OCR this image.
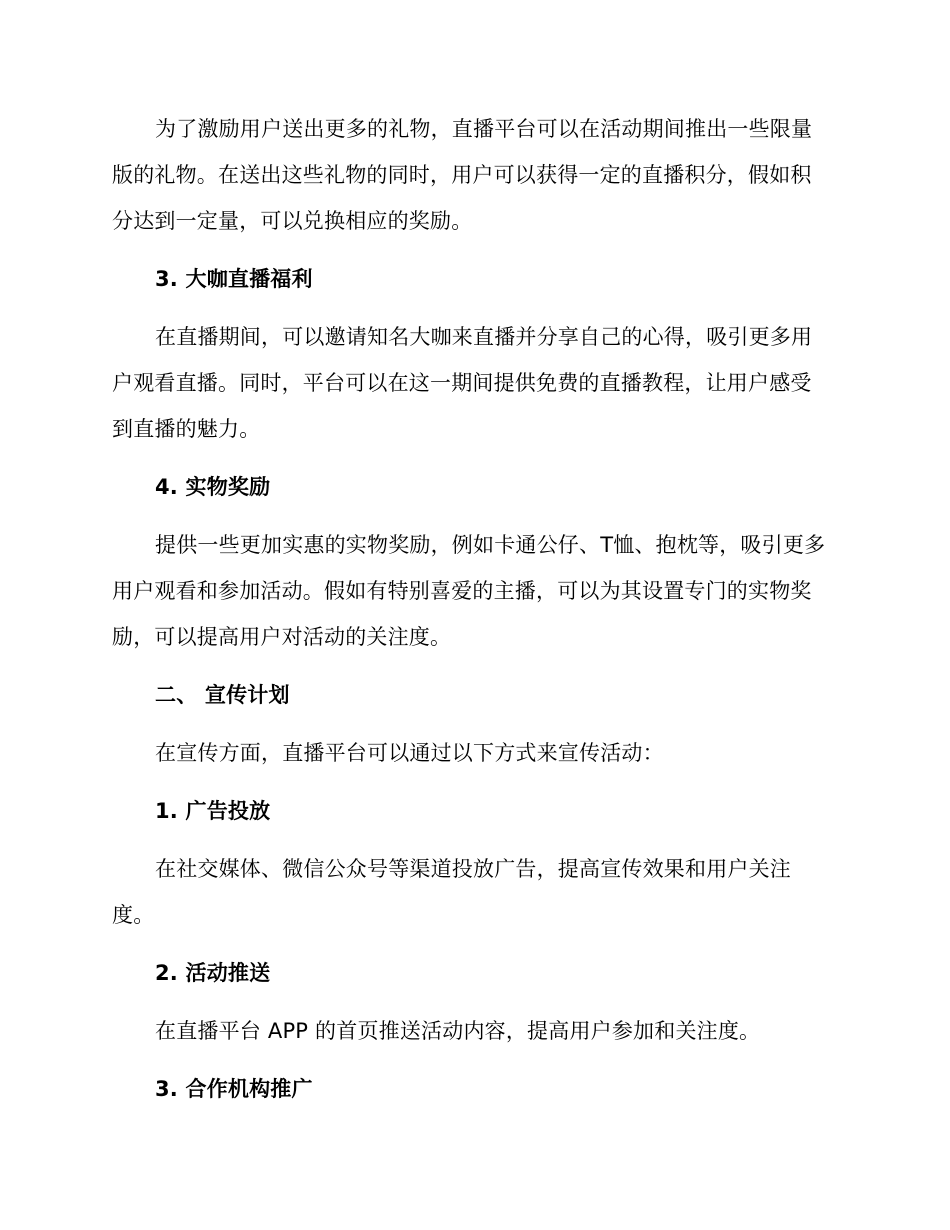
为了激励用户送出更多的礼物，直播平台可以在活动期间推出一些限量版的礼物。在送出这些礼物的同时，用户可以获得一定的直播积分，假如积分达到一定量，可以兑换相应的奖励。

3. 大咖直播福利

在直播期间，可以邀请知名大咖来直播并分享自己的心得，吸引更多用户观看直播。同时，平台可以在这一期间提供免费的直播教程，让用户感受到直播的魅力。

4. 实物奖励

提供一些更加实惠的实物奖励，例如卡通公仔、T恤、抱枕等，吸引更多用户观看和参加活动。假如有特别喜爱的主播，可以为其设置专门的实物奖励，可以提高用户对活动的关注度。

二、 宣传计划

在宣传方面，直播平台可以通过以下方式来宣传活动：

1. 广告投放

在社交媒体、微信公众号等渠道投放广告，提高宣传效果和用户关注度。

2. 活动推送

在直播平台 APP 的首页推送活动内容，提高用户参加和关注度。

3. 合作机构推广
